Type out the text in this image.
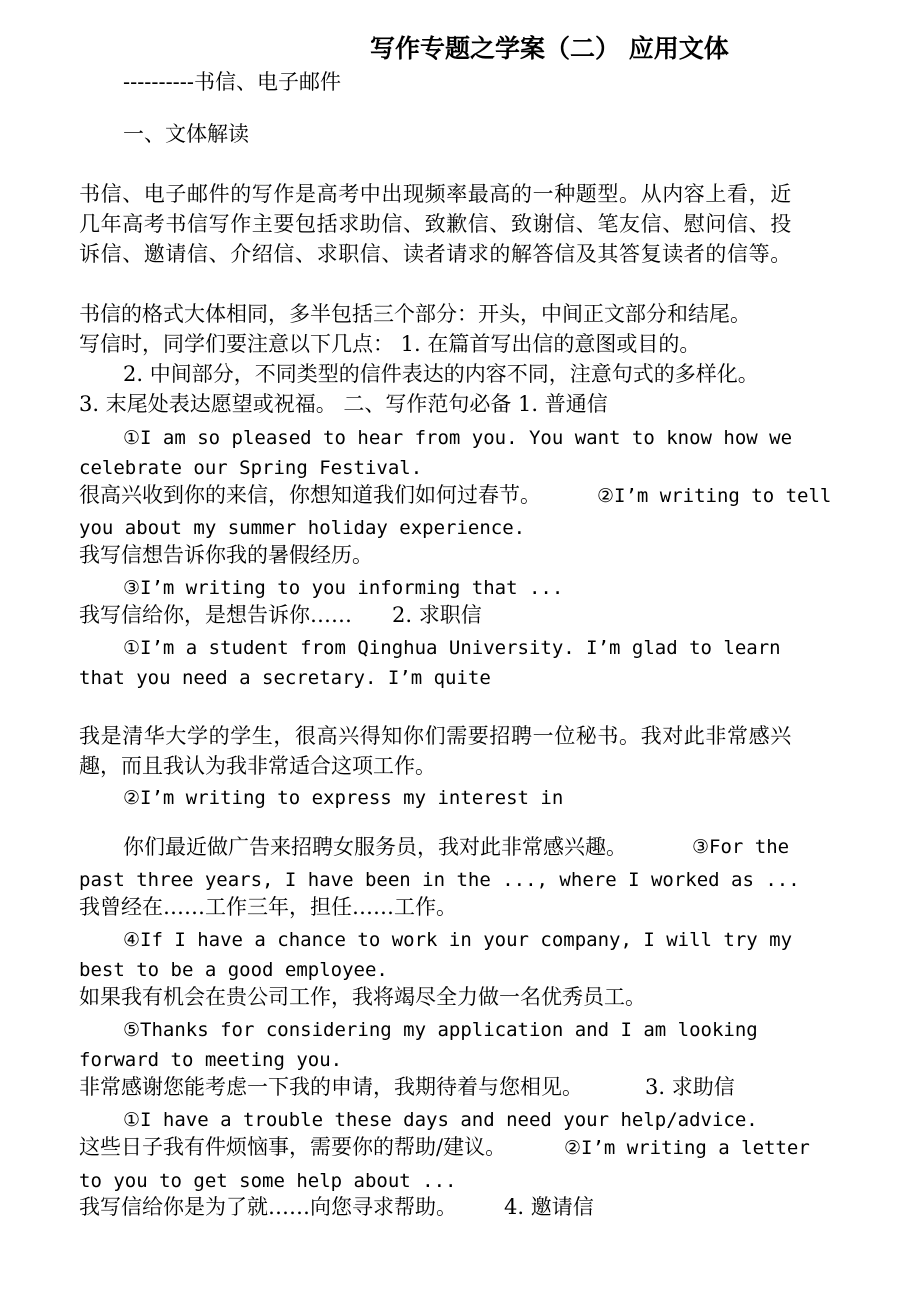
写作专题之学案（二） 应用文体
----------书信、电子邮件
一、文体解读
书信、电子邮件的写作是高考中出现频率最高的一种题型。从内容上看，近
几年高考书信写作主要包括求助信、致歉信、致谢信、笔友信、慰问信、投
诉信、邀请信、介绍信、求职信、读者请求的解答信及其答复读者的信等。
书信的格式大体相同，多半包括三个部分：开头，中间正文部分和结尾。
写信时，同学们要注意以下几点： 1. 在篇首写出信的意图或目的。
2. 中间部分，不同类型的信件表达的内容不同，注意句式的多样化。
3. 末尾处表达愿望或祝福。 二、写作范句必备 1. 普通信
①I am so pleased to hear from you. You want to know how we
celebrate our Spring Festival.
很高兴收到你的来信，你想知道我们如何过春节。	②I’m writing to tell
you about my summer holiday experience.
我写信想告诉你我的暑假经历。
③I’m writing to you informing that ...
我写信给你，是想告诉你…… 2. 求职信
①I’m a student from Qinghua University. I’m glad to learn
that you need a secretary. I’m quite
我是清华大学的学生，很高兴得知你们需要招聘一位秘书。我对此非常感兴
趣，而且我认为我非常适合这项工作。
②I’m writing to express my interest in
你们最近做广告来招聘女服务员，我对此非常感兴趣。	③For the
past three years, I have been in the ..., where I worked as ...
我曾经在……工作三年，担任……工作。
④If I have a chance to work in your company, I will try my
best to be a good employee.
如果我有机会在贵公司工作，我将竭尽全力做一名优秀员工。
⑤Thanks for considering my application and I am looking
forward to meeting you.
非常感谢您能考虑一下我的申请，我期待着与您相见。	3. 求助信
①I have a trouble these days and need your help/advice.
这些日子我有件烦恼事，需要你的帮助/建议。	②I’m writing a letter
to you to get some help about ...
我写信给你是为了就……向您寻求帮助。 4. 邀请信
